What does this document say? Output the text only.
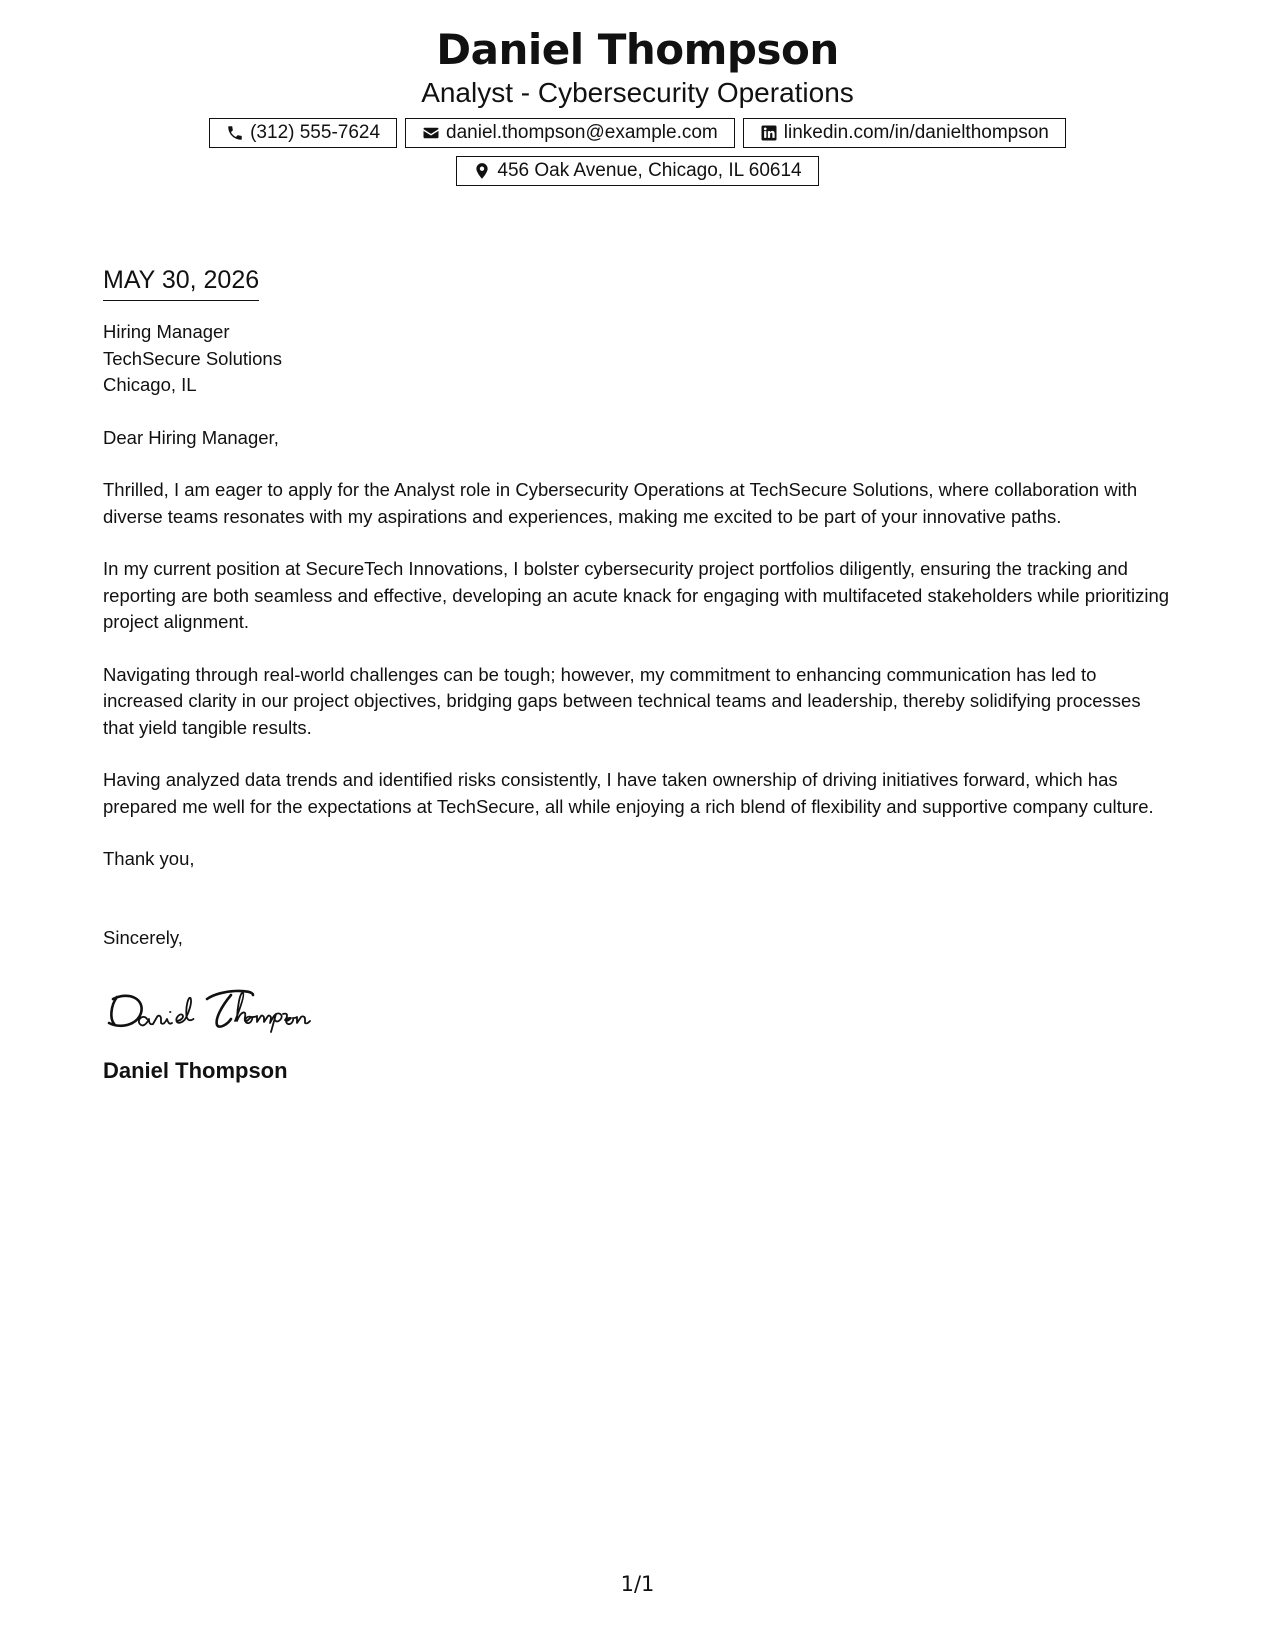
Daniel Thompson
Analyst - Cybersecurity Operations
(312) 555-7624	daniel.thompson@example.com	linkedin.com/in/danielthompson
456 Oak Avenue, Chicago, IL 60614
MAY 30, 2026
Hiring Manager
TechSecure Solutions
Chicago, IL

Dear Hiring Manager,

Thrilled, I am eager to apply for the Analyst role in Cybersecurity Operations at TechSecure Solutions, where collaboration with diverse teams resonates with my aspirations and experiences, making me excited to be part of your innovative paths.

In my current position at SecureTech Innovations, I bolster cybersecurity project portfolios diligently, ensuring the tracking and reporting are both seamless and effective, developing an acute knack for engaging with multifaceted stakeholders while prioritizing project alignment.

Navigating through real-world challenges can be tough; however, my commitment to enhancing communication has led to increased clarity in our project objectives, bridging gaps between technical teams and leadership, thereby solidifying processes that yield tangible results.

Having analyzed data trends and identified risks consistently, I have taken ownership of driving initiatives forward, which has prepared me well for the expectations at TechSecure, all while enjoying a rich blend of flexibility and supportive company culture.

Thank you,

Sincerely,

Daniel Thompson
1/1
